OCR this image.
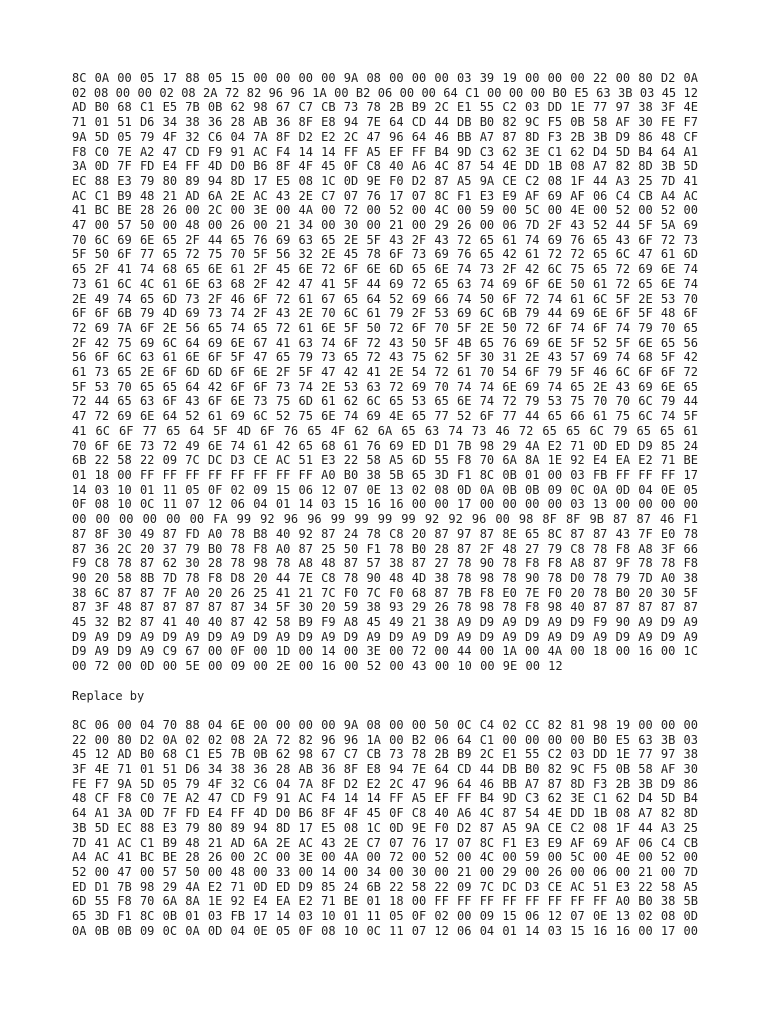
8C 0A 00 05 17 88 05 15 00 00 00 00 9A 08 00 00 00 03 39 19 00 00 00 22 00 80 D2 0A
02 08 00 00 02 08 2A 72 82 96 96 1A 00 B2 06 00 00 64 C1 00 00 00 B0 E5 63 3B 03 45 12
AD B0 68 C1 E5 7B 0B 62 98 67 C7 CB 73 78 2B B9 2C E1 55 C2 03 DD 1E 77 97 38 3F 4E
71 01 51 D6 34 38 36 28 AB 36 8F E8 94 7E 64 CD 44 DB B0 82 9C F5 0B 58 AF 30 FE F7
9A 5D 05 79 4F 32 C6 04 7A 8F D2 E2 2C 47 96 64 46 BB A7 87 8D F3 2B 3B D9 86 48 CF
F8 C0 7E A2 47 CD F9 91 AC F4 14 14 FF A5 EF FF B4 9D C3 62 3E C1 62 D4 5D B4 64 A1
3A 0D 7F FD E4 FF 4D D0 B6 8F 4F 45 0F C8 40 A6 4C 87 54 4E DD 1B 08 A7 82 8D 3B 5D
EC 88 E3 79 80 89 94 8D 17 E5 08 1C 0D 9E F0 D2 87 A5 9A CE C2 08 1F 44 A3 25 7D 41
AC C1 B9 48 21 AD 6A 2E AC 43 2E C7 07 76 17 07 8C F1 E3 E9 AF 69 AF 06 C4 CB A4 AC
41 BC BE 28 26 00 2C 00 3E 00 4A 00 72 00 52 00 4C 00 59 00 5C 00 4E 00 52 00 52 00
47 00 57 50 00 48 00 26 00 21 34 00 30 00 21 00 29 26 00 06 7D 2F 43 52 44 5F 5A 69
70 6C 69 6E 65 2F 44 65 76 69 63 65 2E 5F 43 2F 43 72 65 61 74 69 76 65 43 6F 72 73
5F 50 6F 77 65 72 75 70 5F 56 32 2E 45 78 6F 73 69 76 65 42 61 72 72 65 6C 47 61 6D
65 2F 41 74 68 65 6E 61 2F 45 6E 72 6F 6E 6D 65 6E 74 73 2F 42 6C 75 65 72 69 6E 74
73 61 6C 4C 61 6E 63 68 2F 42 47 41 5F 44 69 72 65 63 74 69 6F 6E 50 61 72 65 6E 74
2E 49 74 65 6D 73 2F 46 6F 72 61 67 65 64 52 69 66 74 50 6F 72 74 61 6C 5F 2E 53 70
6F 6F 6B 79 4D 69 73 74 2F 43 2E 70 6C 61 79 2F 53 69 6C 6B 79 44 69 6E 6F 5F 48 6F
72 69 7A 6F 2E 56 65 74 65 72 61 6E 5F 50 72 6F 70 5F 2E 50 72 6F 74 6F 74 79 70 65
2F 42 75 69 6C 64 69 6E 67 41 63 74 6F 72 43 50 5F 4B 65 76 69 6E 5F 52 5F 6E 65 56
56 6F 6C 63 61 6E 6F 5F 47 65 79 73 65 72 43 75 62 5F 30 31 2E 43 57 69 74 68 5F 42
61 73 65 2E 6F 6D 6D 6F 6E 2F 5F 47 42 41 2E 54 72 61 70 54 6F 79 5F 46 6C 6F 6F 72
5F 53 70 65 65 64 42 6F 6F 73 74 2E 53 63 72 69 70 74 74 6E 69 74 65 2E 43 69 6E 65
72 44 65 63 6F 43 6F 6E 73 75 6D 61 62 6C 65 53 65 6E 74 72 79 53 75 70 70 6C 79 44
47 72 69 6E 64 52 61 69 6C 52 75 6E 74 69 4E 65 77 52 6F 77 44 65 66 61 75 6C 74 5F
41 6C 6F 77 65 64 5F 4D 6F 76 65 4F 62 6A 65 63 74 73 46 72 65 65 6C 79 65 65 61
70 6F 6E 73 72 49 6E 74 61 42 65 68 61 76 69 ED D1 7B 98 29 4A E2 71 0D ED D9 85 24
6B 22 58 22 09 7C DC D3 CE AC 51 E3 22 58 A5 6D 55 F8 70 6A 8A 1E 92 E4 EA E2 71 BE
01 18 00 FF FF FF FF FF FF FF FF A0 B0 38 5B 65 3D F1 8C 0B 01 00 03 FB FF FF FF 17
14 03 10 01 11 05 0F 02 09 15 06 12 07 0E 13 02 08 0D 0A 0B 0B 09 0C 0A 0D 04 0E 05
0F 08 10 0C 11 07 12 06 04 01 14 03 15 16 16 00 00 17 00 00 00 00 03 13 00 00 00 00
00 00 00 00 00 00 FA 99 92 96 96 99 99 99 99 92 92 96 00 98 8F 8F 9B 87 87 46 F1
87 8F 30 49 87 FD A0 78 B8 40 92 87 24 78 C8 20 87 97 87 8E 65 8C 87 87 43 7F E0 78
87 36 2C 20 37 79 B0 78 F8 A0 87 25 50 F1 78 B0 28 87 2F 48 27 79 C8 78 F8 A8 3F 66
F9 C8 78 87 62 30 28 78 98 78 A8 48 87 57 38 87 27 78 90 78 F8 F8 A8 87 9F 78 78 F8
90 20 58 8B 7D 78 F8 D8 20 44 7E C8 78 90 48 4D 38 78 98 78 90 78 D0 78 79 7D A0 38
38 6C 87 87 7F A0 20 26 25 41 21 7C F0 7C F0 68 87 7B F8 E0 7E F0 20 78 B0 20 30 5F
87 3F 48 87 87 87 87 87 34 5F 30 20 59 38 93 29 26 78 98 78 F8 98 40 87 87 87 87 87
45 32 B2 87 41 40 40 87 42 58 B9 F9 A8 45 49 21 38 A9 D9 A9 D9 A9 D9 F9 90 A9 D9 A9
D9 A9 D9 A9 D9 A9 D9 A9 D9 A9 D9 A9 D9 A9 D9 A9 D9 A9 D9 A9 D9 A9 D9 A9 D9 A9 D9 A9
D9 A9 D9 A9 C9 67 00 0F 00 1D 00 14 00 3E 00 72 00 44 00 1A 00 4A 00 18 00 16 00 1C
00 72 00 0D 00 5E 00 09 00 2E 00 16 00 52 00 43 00 10 00 9E 00 12
Replace by
8C 06 00 04 70 88 04 6E 00 00 00 00 9A 08 00 00 50 0C C4 02 CC 82 81 98 19 00 00 00
22 00 80 D2 0A 02 02 08 2A 72 82 96 96 1A 00 B2 06 64 C1 00 00 00 00 B0 E5 63 3B 03
45 12 AD B0 68 C1 E5 7B 0B 62 98 67 C7 CB 73 78 2B B9 2C E1 55 C2 03 DD 1E 77 97 38
3F 4E 71 01 51 D6 34 38 36 28 AB 36 8F E8 94 7E 64 CD 44 DB B0 82 9C F5 0B 58 AF 30
FE F7 9A 5D 05 79 4F 32 C6 04 7A 8F D2 E2 2C 47 96 64 46 BB A7 87 8D F3 2B 3B D9 86
48 CF F8 C0 7E A2 47 CD F9 91 AC F4 14 14 FF A5 EF FF B4 9D C3 62 3E C1 62 D4 5D B4
64 A1 3A 0D 7F FD E4 FF 4D D0 B6 8F 4F 45 0F C8 40 A6 4C 87 54 4E DD 1B 08 A7 82 8D
3B 5D EC 88 E3 79 80 89 94 8D 17 E5 08 1C 0D 9E F0 D2 87 A5 9A CE C2 08 1F 44 A3 25
7D 41 AC C1 B9 48 21 AD 6A 2E AC 43 2E C7 07 76 17 07 8C F1 E3 E9 AF 69 AF 06 C4 CB
A4 AC 41 BC BE 28 26 00 2C 00 3E 00 4A 00 72 00 52 00 4C 00 59 00 5C 00 4E 00 52 00
52 00 47 00 57 50 00 48 00 33 00 14 00 34 00 30 00 21 00 29 00 26 00 06 00 21 00 7D
ED D1 7B 98 29 4A E2 71 0D ED D9 85 24 6B 22 58 22 09 7C DC D3 CE AC 51 E3 22 58 A5
6D 55 F8 70 6A 8A 1E 92 E4 EA E2 71 BE 01 18 00 FF FF FF FF FF FF FF FF A0 B0 38 5B
65 3D F1 8C 0B 01 03 FB 17 14 03 10 01 11 05 0F 02 00 09 15 06 12 07 0E 13 02 08 0D
0A 0B 0B 09 0C 0A 0D 04 0E 05 0F 08 10 0C 11 07 12 06 04 01 14 03 15 16 16 00 17 00
